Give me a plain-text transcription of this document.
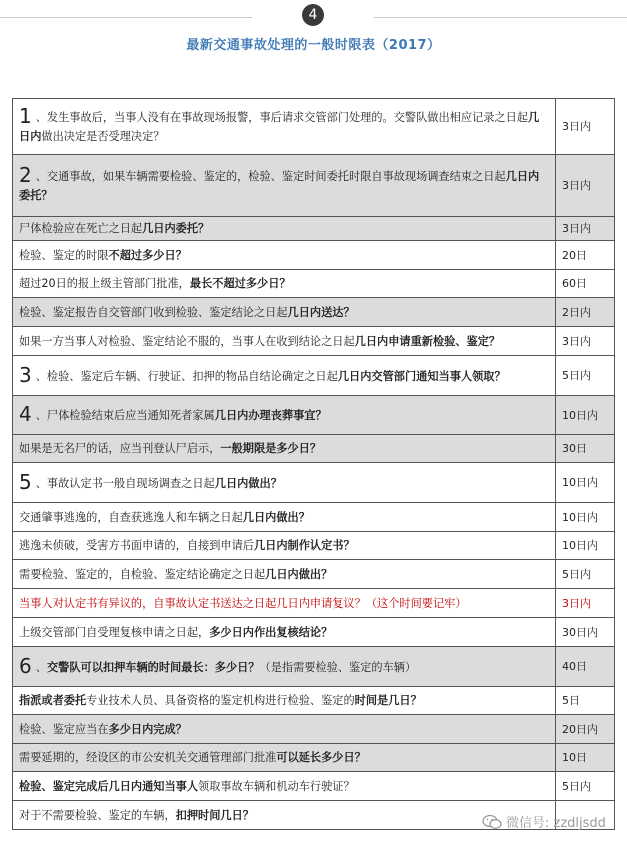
4
最新交通事故处理的一般时限表（2017）
1 、发生事故后，当事人没有在事故现场报警，事后请求交管部门处理的。交警队做出相应记录之日起几日内做出决定是否受理决定？	3日内
2 、交通事故，如果车辆需要检验、鉴定的，检验、鉴定时间委托时限自事故现场调查结束之日起几日内委托？	3日内
尸体检验应在死亡之日起几日内委托？	3日内
检验、鉴定的时限不超过多少日？	20日
超过20日的报上级主管部门批准，最长不超过多少日？	60日
检验、鉴定报告自交管部门收到检验、鉴定结论之日起几日内送达？	2日内
如果一方当事人对检验、鉴定结论不服的，当事人在收到结论之日起几日内申请重新检验、鉴定？	3日内
3 、检验、鉴定后车辆、行驶证、扣押的物品自结论确定之日起几日内交管部门通知当事人领取？	5日内
4 、尸体检验结束后应当通知死者家属几日内办理丧葬事宜？	10日内
如果是无名尸的话，应当刊登认尸启示，一般期限是多少日？	30日
5 、事故认定书一般自现场调查之日起几日内做出？	10日内
交通肇事逃逸的，自查获逃逸人和车辆之日起几日内做出？	10日内
逃逸未侦破，受害方书面申请的，自接到申请后几日内制作认定书？	10日内
需要检验、鉴定的，自检验、鉴定结论确定之日起几日内做出？	5日内
当事人对认定书有异议的，自事故认定书送达之日起几日内申请复议？（这个时间要记牢）	3日内
上级交管部门自受理复核申请之日起，多少日内作出复核结论？	30日内
6 、交警队可以扣押车辆的时间最长：多少日？（是指需要检验、鉴定的车辆）	40日
指派或者委托专业技术人员、具备资格的鉴定机构进行检验、鉴定的时间是几日？	5日
检验、鉴定应当在多少日内完成？	20日内
需要延期的，经设区的市公安机关交通管理部门批准可以延长多少日？	10日
检验、鉴定完成后几日内通知当事人领取事故车辆和机动车行驶证？	5日内
对于不需要检验、鉴定的车辆，扣押时间几日？	
微信号: zzdljsdd
